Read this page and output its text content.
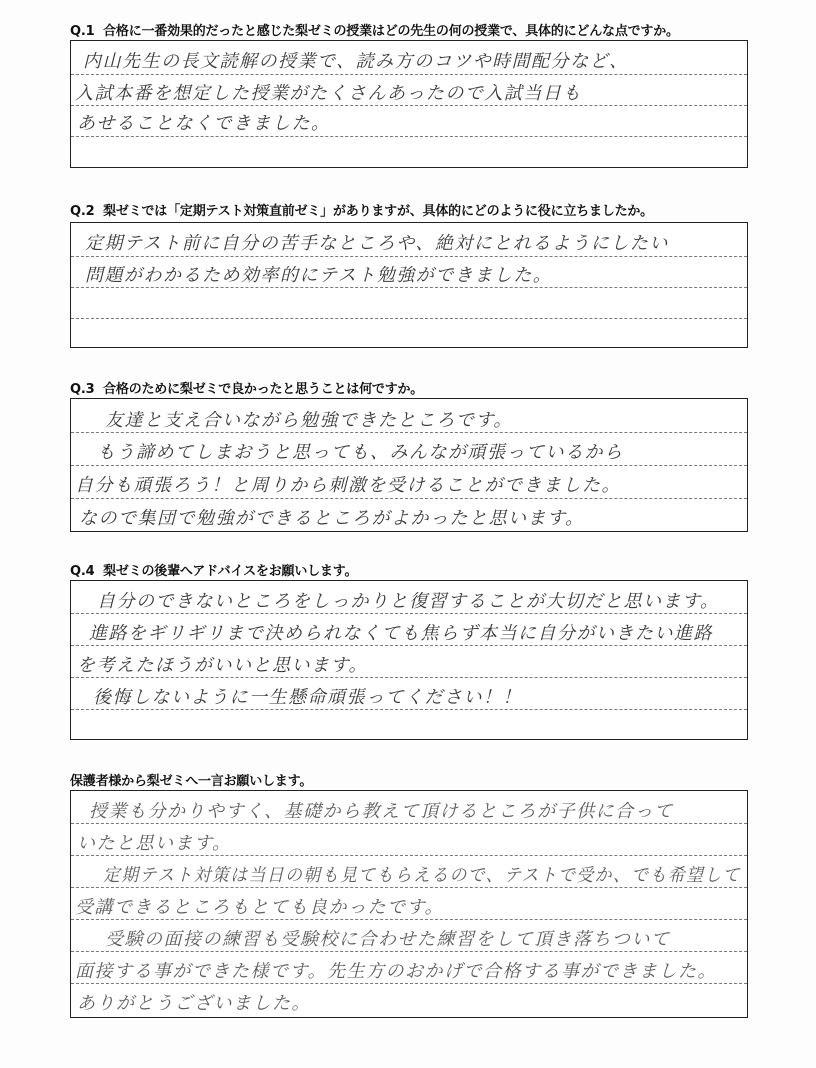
Q.1 合格に一番効果的だったと感じた梨ゼミの授業はどの先生の何の授業で、具体的にどんな点ですか。
内山先生の長文読解の授業で、読み方のコツや時間配分など、
入試本番を想定した授業がたくさんあったので入試当日も
あせることなくできました。
Q.2 梨ゼミでは「定期テスト対策直前ゼミ」がありますが、具体的にどのように役に立ちましたか。
定期テスト前に自分の苦手なところや、絶対にとれるようにしたい
問題がわかるため効率的にテスト勉強ができました。
Q.3 合格のために梨ゼミで良かったと思うことは何ですか。
友達と支え合いながら勉強できたところです。
もう諦めてしまおうと思っても、みんなが頑張っているから
自分も頑張ろう！と周りから刺激を受けることができました。
なので集団で勉強ができるところがよかったと思います。
Q.4 梨ゼミの後輩へアドバイスをお願いします。
自分のできないところをしっかりと復習することが大切だと思います。
進路をギリギリまで決められなくても焦らず本当に自分がいきたい進路
を考えたほうがいいと思います。
後悔しないように一生懸命頑張ってください！！
保護者様から梨ゼミへ一言お願いします。
授業も分かりやすく、基礎から教えて頂けるところが子供に合って
いたと思います。
定期テスト対策は当日の朝も見てもらえるので、テストで受か、でも希望して
受講できるところもとても良かったです。
受験の面接の練習も受験校に合わせた練習をして頂き落ちついて
面接する事ができた様です。先生方のおかげで合格する事ができました。
ありがとうございました。
